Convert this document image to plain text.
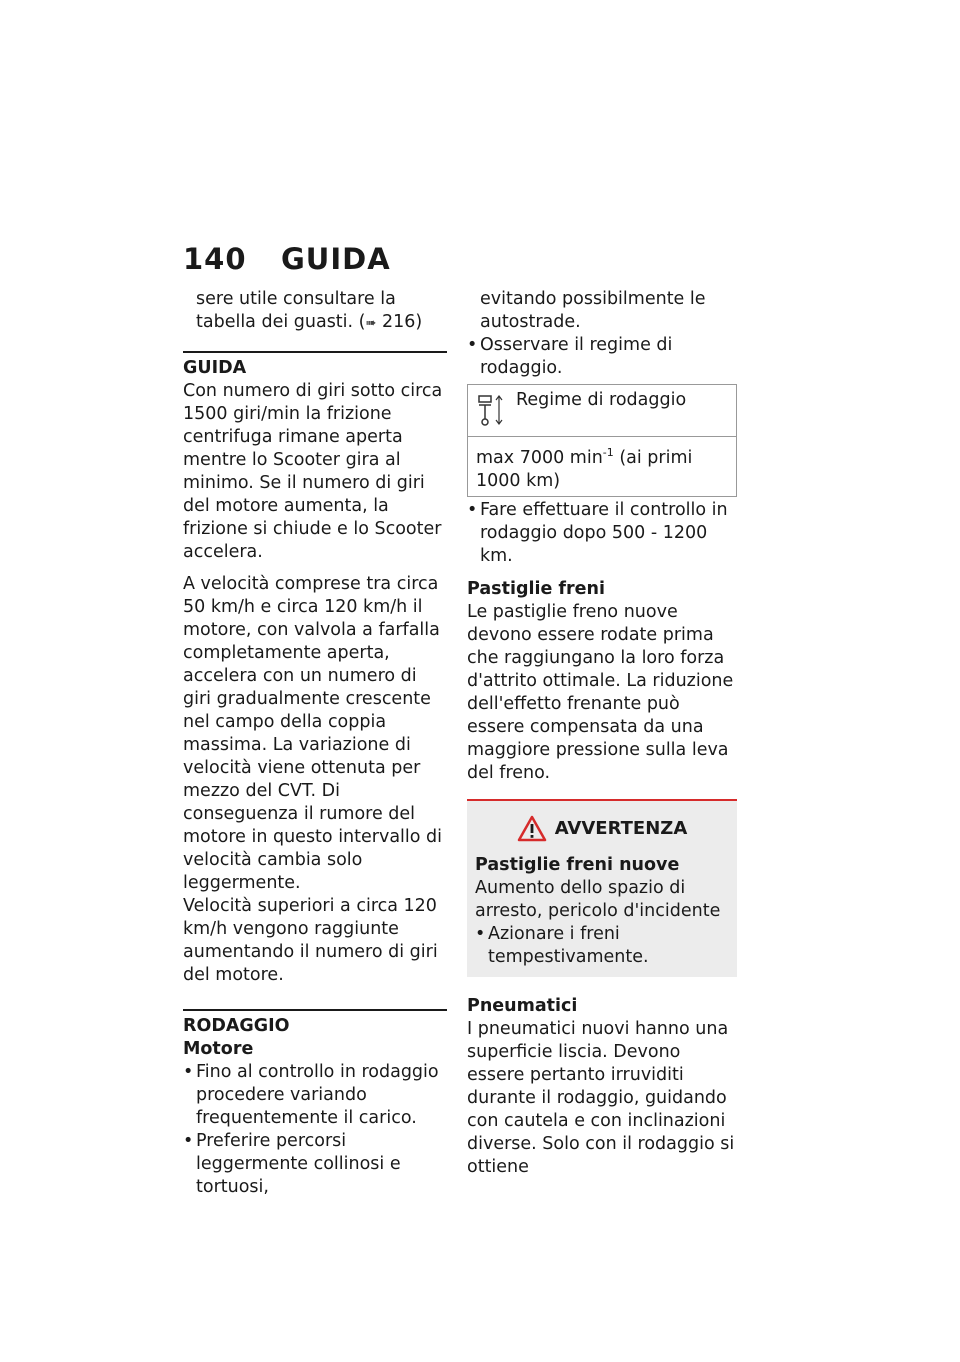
140 GUIDA

sere utile consultare la tabella dei guasti. (➠ 216)

GUIDA

Con numero di giri sotto circa 1500 giri/min la frizione centrifuga rimane aperta mentre lo Scooter gira al minimo. Se il numero di giri del motore aumenta, la frizione si chiude e lo Scooter accelera.

A velocità comprese tra circa 50 km/h e circa 120 km/h il motore, con valvola a farfalla completamente aperta, accelera con un numero di giri gradualmente crescente nel campo della coppia massima. La variazione di velocità viene ottenuta per mezzo del CVT. Di conseguenza il rumore del motore in questo intervallo di velocità cambia solo leggermente.

Velocità superiori a circa 120 km/h vengono raggiunte aumentando il numero di giri del motore.

RODAGGIO

Motore

• Fino al controllo in rodaggio procedere variando frequentemente il carico.
• Preferire percorsi leggermente collinosi e tortuosi,

evitando possibilmente le autostrade.

• Osservare il regime di rodaggio.
Regime di rodaggio
max 7000 $\min^{-1} (ai$ primi 1000 km)
• Fare effettuare il controllo in rodaggio dopo 500 - 1200 km.

Pastiglie freni

Le pastiglie freno nuove devono essere rodate prima che raggiungano la loro forza d'attrito ottimale. La riduzione dell'effetto frenante può essere compensata da una maggiore pressione sulla leva del freno.

AVVERTENZA

Pastiglie freni nuove

Aumento dello spazio di arresto, pericolo d'incidente

• Azionare i freni tempestivamente.

Pneumatici

I pneumatici nuovi hanno una superficie liscia. Devono essere pertanto irruviditi durante il rodaggio, guidando con cautela e con inclinazioni diverse. Solo con il rodaggio si ottiene
